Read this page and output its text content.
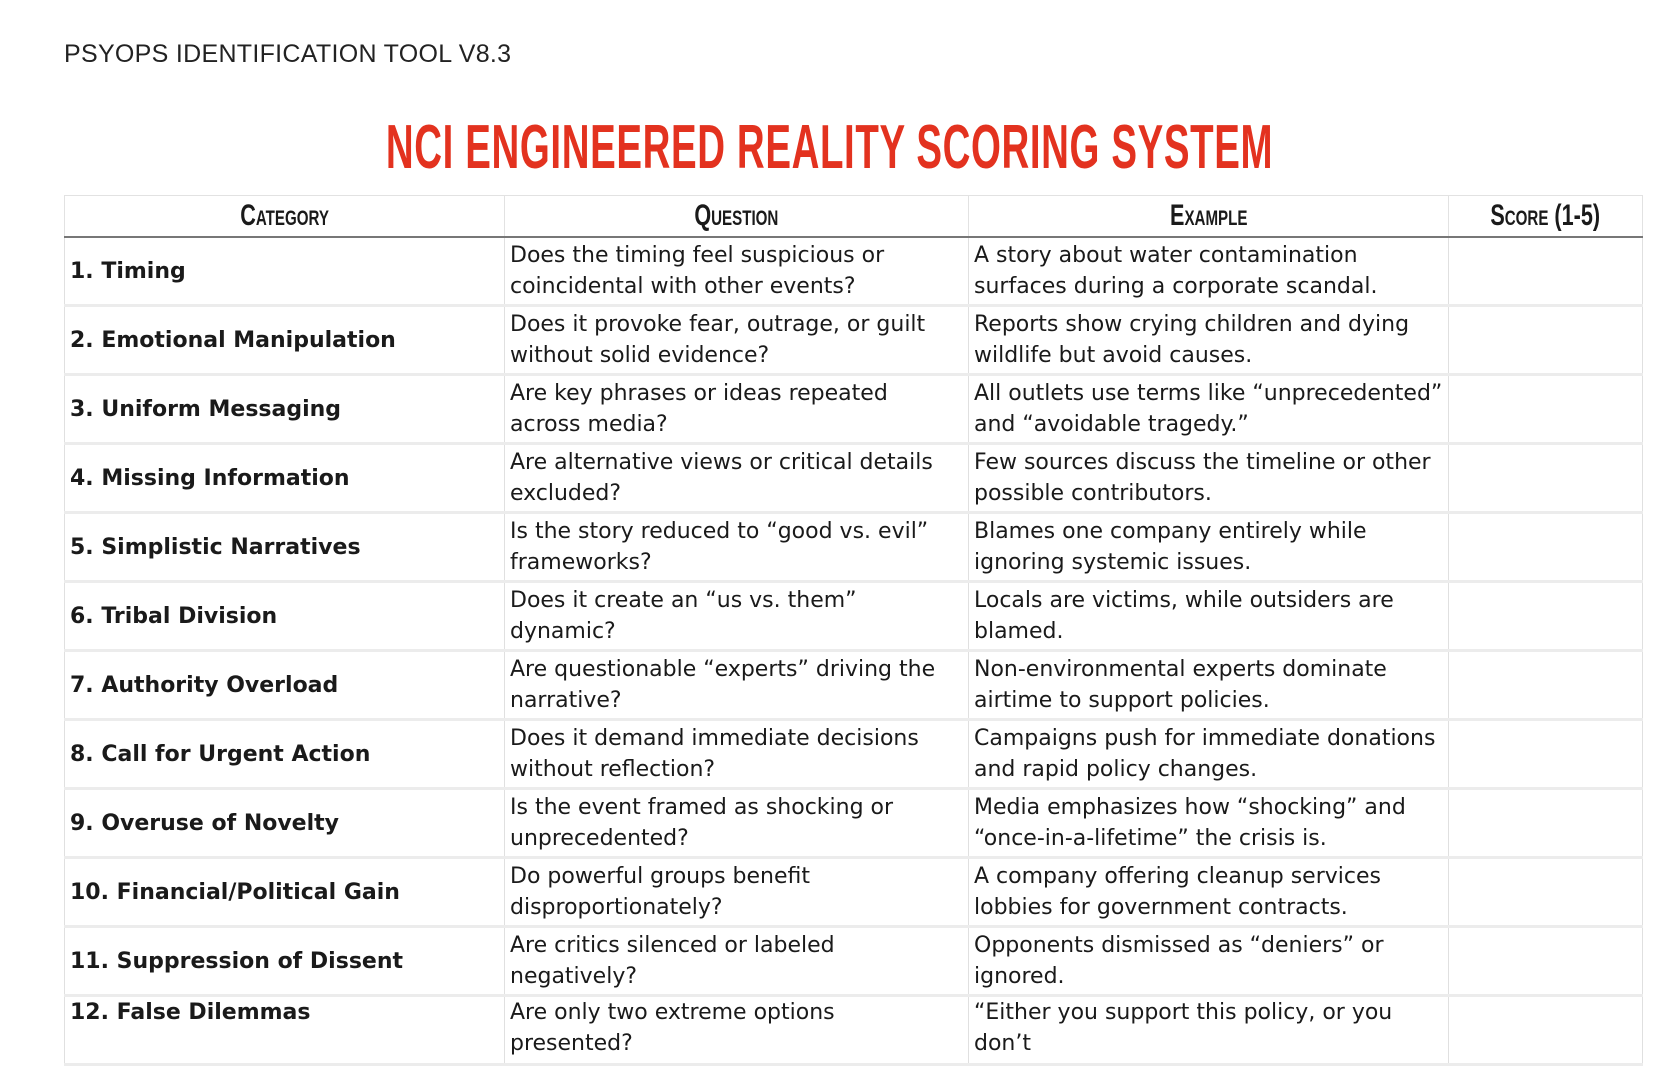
PSYOPS IDENTIFICATION TOOL V8.3
NCI ENGINEERED REALITY SCORING SYSTEM
Category	Question	Example	Score (1-5)
1. Timing	Does the timing feel suspicious or coincidental with other events?	A story about water contamination surfaces during a corporate scandal.	
2. Emotional Manipulation	Does it provoke fear, outrage, or guilt without solid evidence?	Reports show crying children and dying wildlife but avoid causes.	
3. Uniform Messaging	Are key phrases or ideas repeated across media?	All outlets use terms like “unprecedented” and “avoidable tragedy.”	
4. Missing Information	Are alternative views or critical details excluded?	Few sources discuss the timeline or other possible contributors.	
5. Simplistic Narratives	Is the story reduced to “good vs. evil” frameworks?	Blames one company entirely while ignoring systemic issues.	
6. Tribal Division	Does it create an “us vs. them” dynamic?	Locals are victims, while outsiders are blamed.	
7. Authority Overload	Are questionable “experts” driving the narrative?	Non-environmental experts dominate airtime to support policies.	
8. Call for Urgent Action	Does it demand immediate decisions without reflection?	Campaigns push for immediate donations and rapid policy changes.	
9. Overuse of Novelty	Is the event framed as shocking or unprecedented?	Media emphasizes how “shocking” and “once-in-a-lifetime” the crisis is.	
10. Financial/Political Gain	Do powerful groups benefit disproportionately?	A company offering cleanup services lobbies for government contracts.	
11. Suppression of Dissent	Are critics silenced or labeled negatively?	Opponents dismissed as “deniers” or ignored.	
12. False Dilemmas	Are only two extreme options presented?	“Either you support this policy, or you don’t	
